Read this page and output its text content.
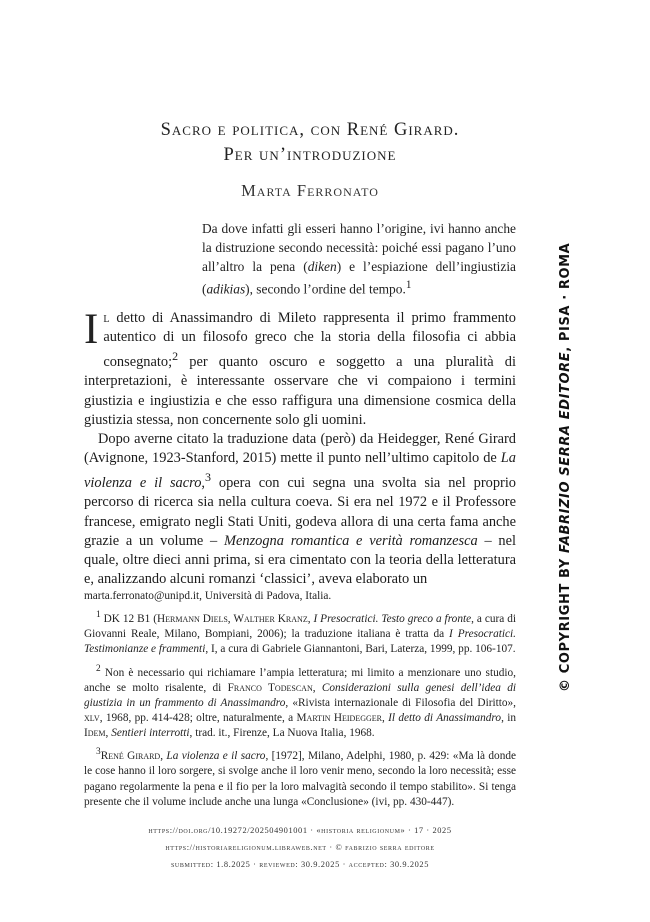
Sacro e politica, con René Girard.
Per un’introduzione
Marta Ferronato
Da dove infatti gli esseri hanno l’origine, ivi hanno anche la distruzione secondo necessità: poiché essi pagano l’uno all’altro la pena (diken) e l’espiazione dell’ingiustizia (adikias), secondo l’ordine del tempo.$^1$

Il detto di Anassimandro di Mileto rappresenta il primo frammento autentico di un filosofo greco che la storia della filosofia ci abbia consegnato;$^2$ per quanto oscuro e soggetto a una pluralità di interpretazioni, è interessante osservare che vi compaiono i termini giustizia e ingiustizia e che esso raffigura una dimensione cosmica della giustizia stessa, non concernente solo gli uomini.

Dopo averne citato la traduzione data (però) da Heidegger, René Girard (Avignone, 1923-Stanford, 2015) mette il punto nell’ultimo capitolo de La violenza e il sacro,$^3$ opera con cui segna una svolta sia nel proprio percorso di ricerca sia nella cultura coeva. Si era nel 1972 e il Professore francese, emigrato negli Stati Uniti, godeva allora di una certa fama anche grazie a un volume – Menzogna romantica e verità romanzesca – nel quale, oltre dieci anni prima, si era cimentato con la teoria della letteratura e, analizzando alcuni romanzi ‘classici’, aveva elaborato un

marta.ferronato@unipd.it, Università di Padova, Italia.

$^1$ DK 12 B1 (Hermann Diels, Walther Kranz, I Presocratici. Testo greco a fronte, a cura di Giovanni Reale, Milano, Bompiani, 2006); la traduzione italiana è tratta da I Presocratici. Testimonianze e frammenti, I, a cura di Gabriele Giannantoni, Bari, Laterza, 1999, pp. 106-107.

$^2$ Non è necessario qui richiamare l’ampia letteratura; mi limito a menzionare uno studio, anche se molto risalente, di Franco Todescan, Considerazioni sulla genesi dell’idea di giustizia in un frammento di Anassimandro, «Rivista internazionale di Filosofia del Diritto», xlv, 1968, pp. 414-428; oltre, naturalmente, a Martin Heidegger, Il detto di Anassimandro, in Idem, Sentieri interrotti, trad. it., Firenze, La Nuova Italia, 1968.

$^3$René Girard, La violenza e il sacro, [1972], Milano, Adelphi, 1980, p. 429: «Ma là donde le cose hanno il loro sorgere, si svolge anche il loro venir meno, secondo la loro necessità; esse pagano regolarmente la pena e il fio per la loro malvagità secondo il tempo stabilito». Si tenga presente che il volume include anche una lunga «Conclusione» (ivi, pp. 430-447).

https://doi.org/10.19272/202504901001 · «historia religionum» · 17 · 2025
https://historiareligionum.libraweb.net · © fabrizio serra editore
submitted: 1.8.2025 · reviewed: 30.9.2025 · accepted: 30.9.2025
© COPYRIGHT BY FABRIZIO SERRA EDITORE, PISA · ROMA
